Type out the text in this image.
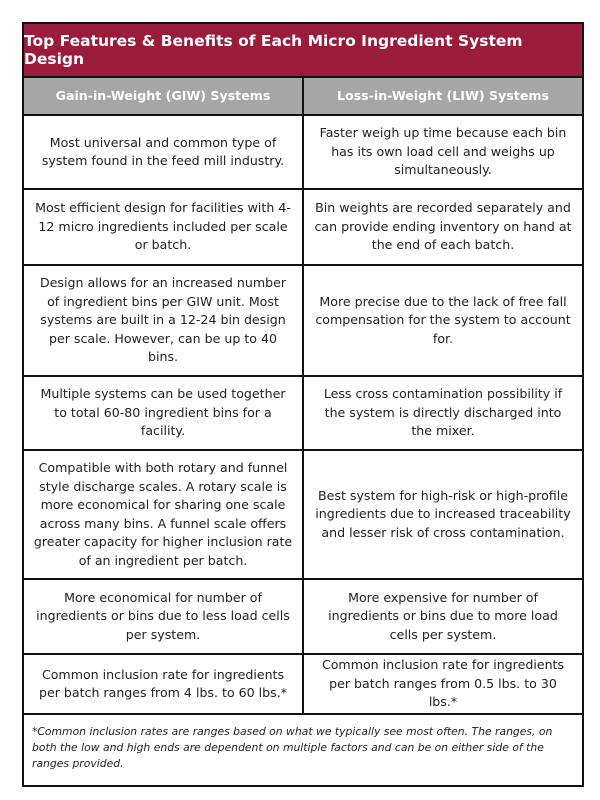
Top Features & Benefits of Each Micro Ingredient System Design
Gain-in-Weight (GIW) Systems	Loss-in-Weight (LIW) Systems
Most universal and common type of system found in the feed mill industry.
Faster weigh up time because each bin has its own load cell and weighs up simultaneously.
Most efficient design for facilities with 4-12 micro ingredients included per scale or batch.
Bin weights are recorded separately and can provide ending inventory on hand at the end of each batch.
Design allows for an increased number of ingredient bins per GIW unit. Most systems are built in a 12-24 bin design per scale. However, can be up to 40 bins.
More precise due to the lack of free fall compensation for the system to account for.
Multiple systems can be used together to total 60-80 ingredient bins for a facility.
Less cross contamination possibility if the system is directly discharged into the mixer.
Compatible with both rotary and funnel style discharge scales. A rotary scale is more economical for sharing one scale across many bins. A funnel scale offers greater capacity for higher inclusion rate of an ingredient per batch.
Best system for high-risk or high-profile ingredients due to increased traceability and lesser risk of cross contamination.
More economical for number of ingredients or bins due to less load cells per system.
More expensive for number of ingredients or bins due to more load cells per system.
Common inclusion rate for ingredients per batch ranges from 4 lbs. to 60 lbs.*
Common inclusion rate for ingredients per batch ranges from 0.5 lbs. to 30 lbs.*
*Common inclusion rates are ranges based on what we typically see most often. The ranges, on both the low and high ends are dependent on multiple factors and can be on either side of the ranges provided.
